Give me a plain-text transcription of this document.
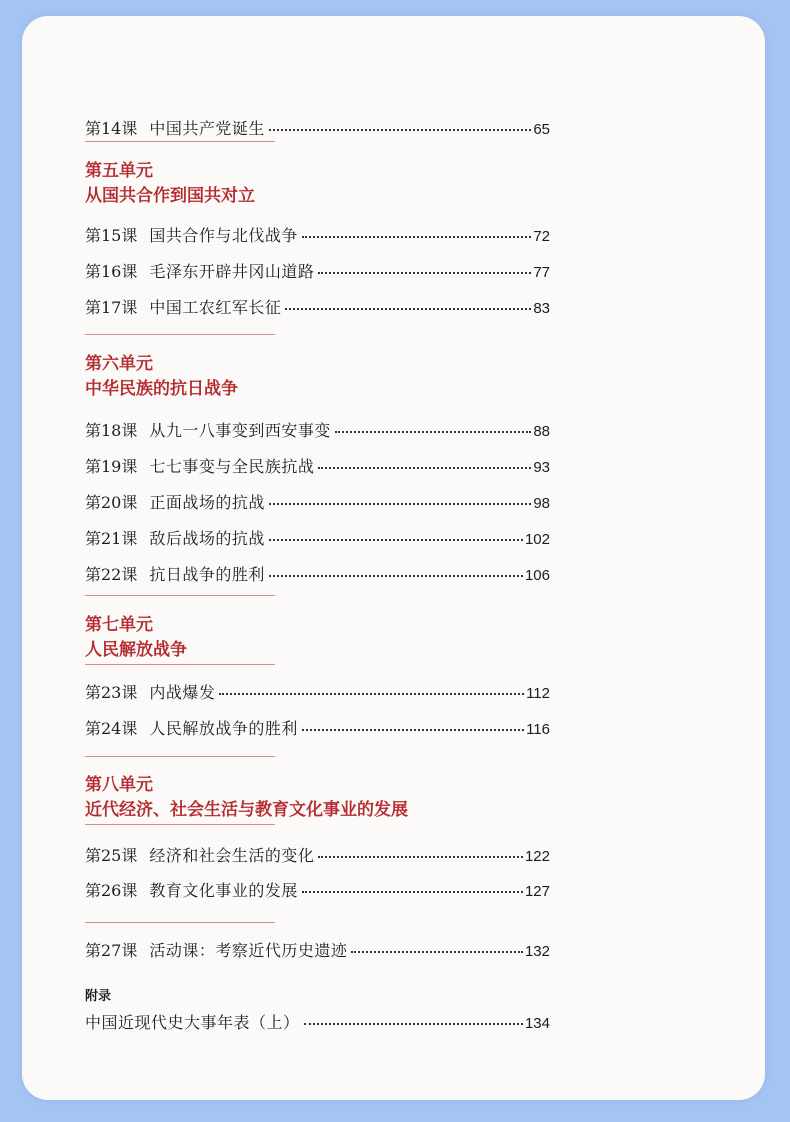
第14课 中国共产党诞生	65
第五单元
从国共合作到国共对立
第15课 国共合作与北伐战争	72
第16课 毛泽东开辟井冈山道路	77
第17课 中国工农红军长征	83
第六单元
中华民族的抗日战争
第18课 从九一八事变到西安事变	88
第19课 七七事变与全民族抗战	93
第20课 正面战场的抗战	98
第21课 敌后战场的抗战	102
第22课 抗日战争的胜利	106
第七单元
人民解放战争
第23课 内战爆发	112
第24课 人民解放战争的胜利	116
第八单元
近代经济、社会生活与教育文化事业的发展
第25课 经济和社会生活的变化	122
第26课 教育文化事业的发展	127
第27课 活动课：考察近代历史遗迹	132
附录
中国近现代史大事年表（上）	134
